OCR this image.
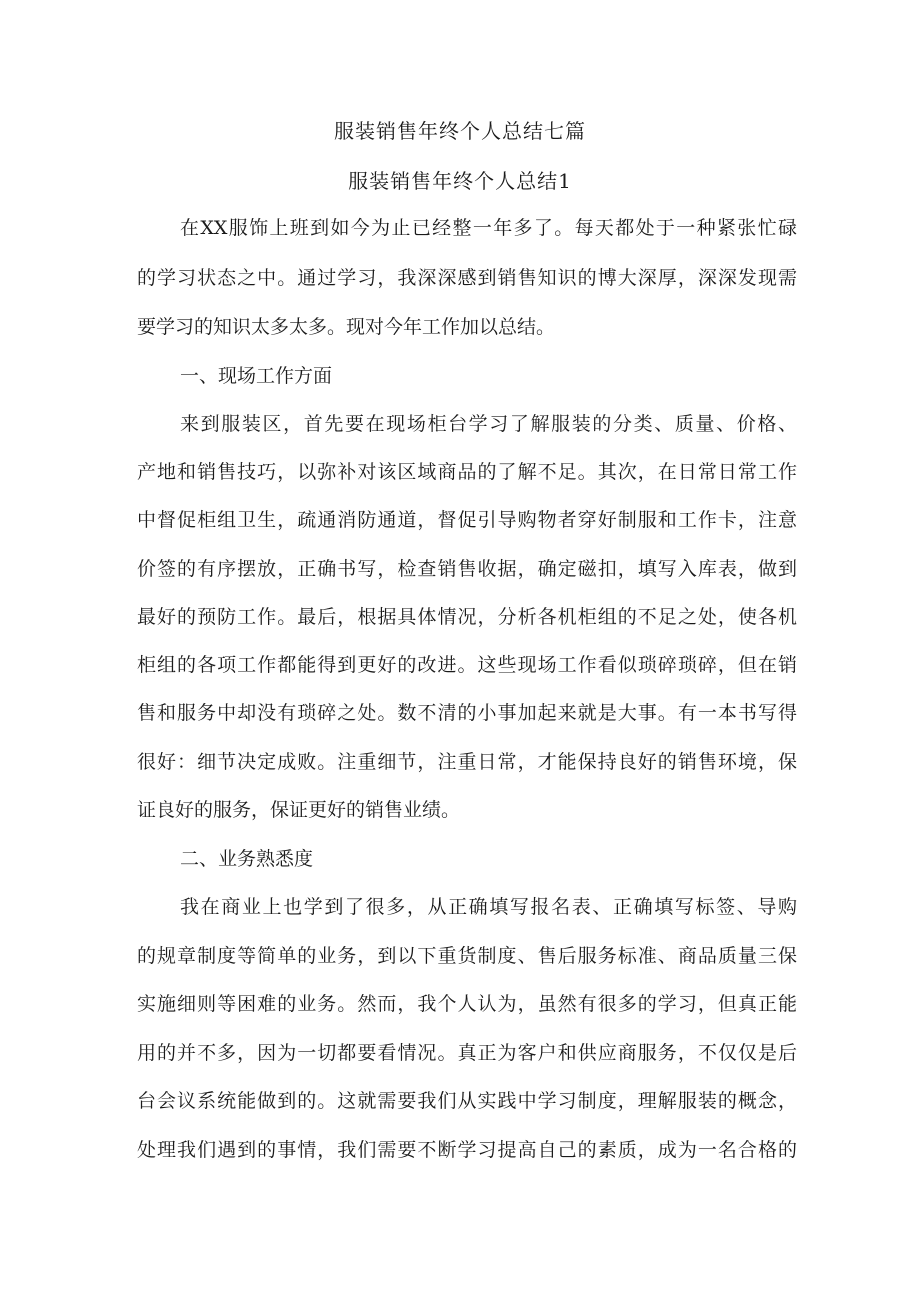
服装销售年终个人总结七篇
服装销售年终个人总结1
在XX服饰上班到如今为止已经整一年多了。每天都处于一种紧张忙碌
的学习状态之中。通过学习，我深深感到销售知识的博大深厚，深深发现需
要学习的知识太多太多。现对今年工作加以总结。
一、现场工作方面
来到服装区，首先要在现场柜台学习了解服装的分类、质量、价格、
产地和销售技巧，以弥补对该区域商品的了解不足。其次，在日常日常工作
中督促柜组卫生，疏通消防通道，督促引导购物者穿好制服和工作卡，注意
价签的有序摆放，正确书写，检查销售收据，确定磁扣，填写入库表，做到
最好的预防工作。最后，根据具体情况，分析各机柜组的不足之处，使各机
柜组的各项工作都能得到更好的改进。这些现场工作看似琐碎琐碎，但在销
售和服务中却没有琐碎之处。数不清的小事加起来就是大事。有一本书写得
很好：细节决定成败。注重细节，注重日常，才能保持良好的销售环境，保
证良好的服务，保证更好的销售业绩。
二、业务熟悉度
我在商业上也学到了很多，从正确填写报名表、正确填写标签、导购
的规章制度等简单的业务，到以下重货制度、售后服务标准、商品质量三保
实施细则等困难的业务。然而，我个人认为，虽然有很多的学习，但真正能
用的并不多，因为一切都要看情况。真正为客户和供应商服务，不仅仅是后
台会议系统能做到的。这就需要我们从实践中学习制度，理解服装的概念，
处理我们遇到的事情，我们需要不断学习提高自己的素质，成为一名合格的
